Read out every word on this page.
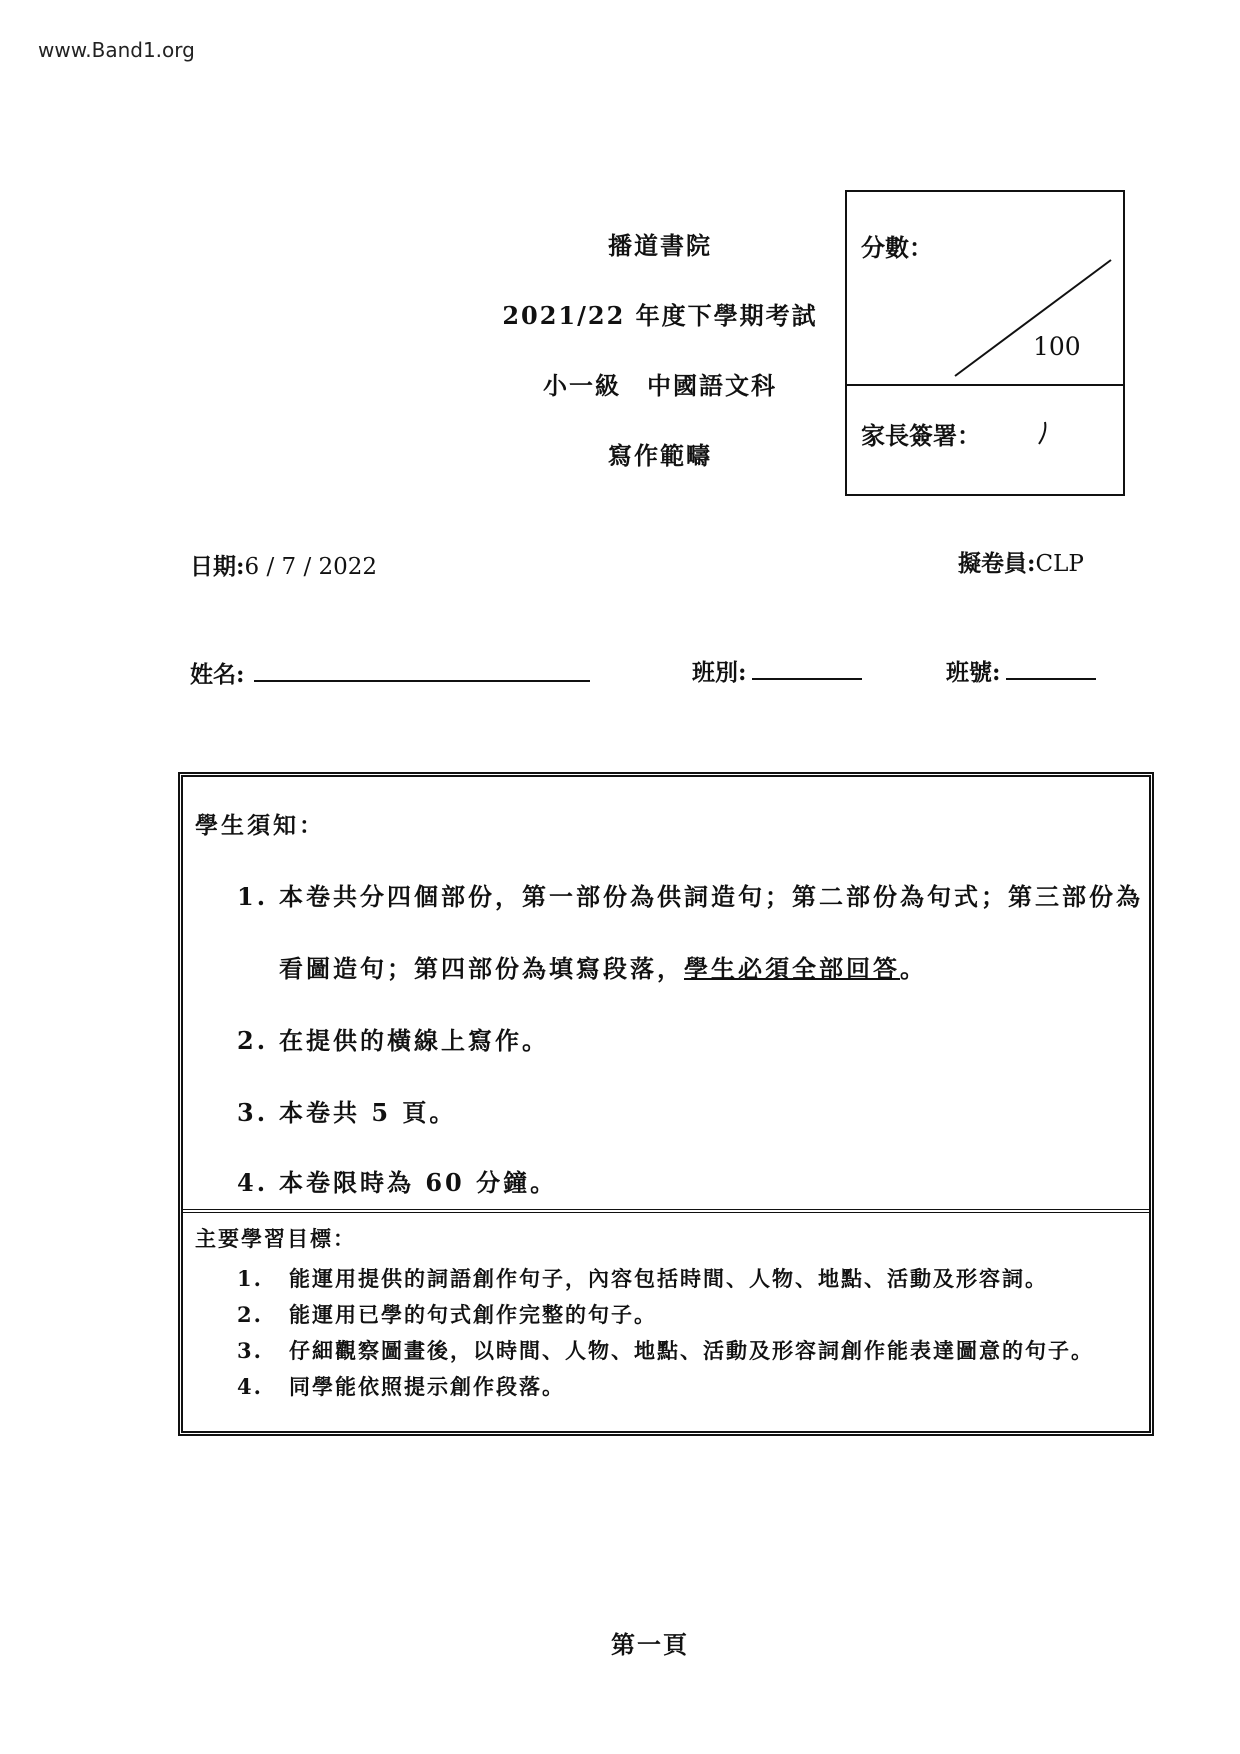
www.Band1.org
播道書院
2021/22 年度下學期考試
小一級　中國語文科
寫作範疇
分數：
100
家長簽署：
日期:6 / 7 / 2022	擬卷員:CLP
姓名:	班別:	班號:
學生須知：
1. 本卷共分四個部份，第一部份為供詞造句；第二部份為句式；第三部份為
看圖造句；第四部份為填寫段落，學生必須全部回答。
2. 在提供的橫線上寫作。
3. 本卷共 5 頁。
4. 本卷限時為 60 分鐘。
主要學習目標：
1. 能運用提供的詞語創作句子，內容包括時間、人物、地點、活動及形容詞。
2. 能運用已學的句式創作完整的句子。
3. 仔細觀察圖畫後，以時間、人物、地點、活動及形容詞創作能表達圖意的句子。
4. 同學能依照提示創作段落。
第一頁
